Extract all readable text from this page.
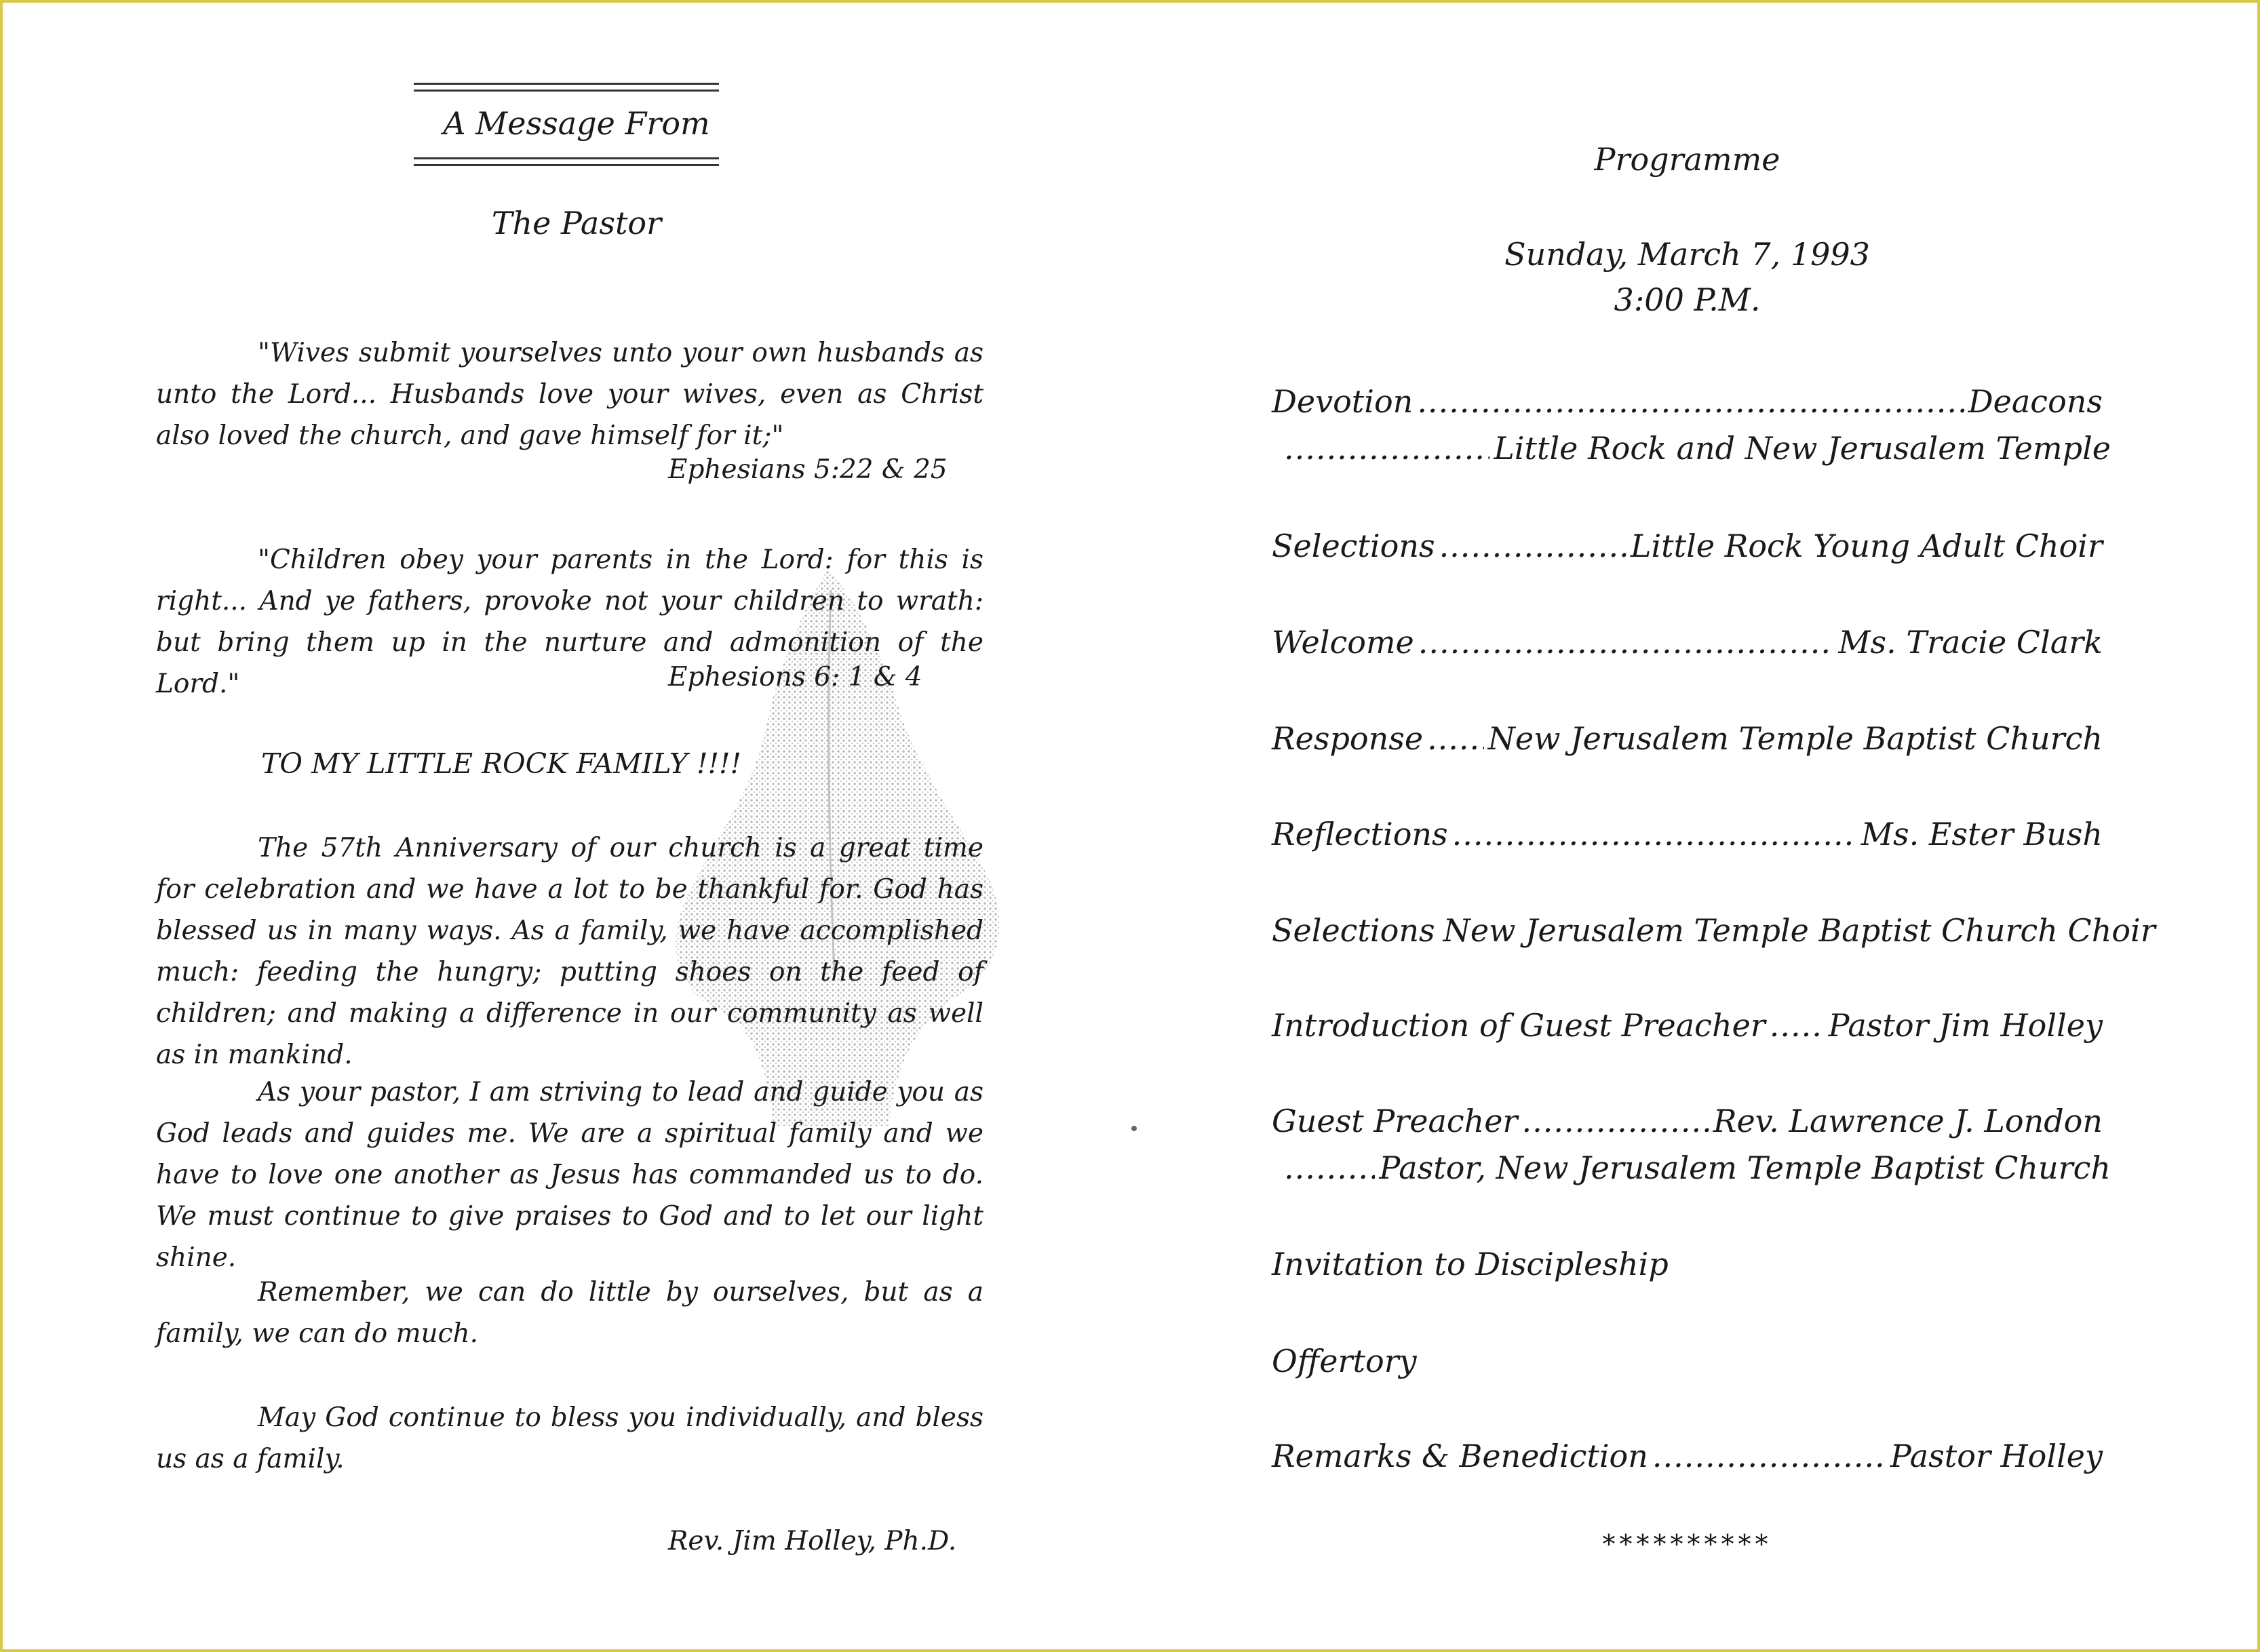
A Message From
The Pastor
"Wives submit yourselves unto your own husbands as unto the Lord... Husbands love your wives, even as Christ also loved the church, and gave himself for it;"
Ephesians 5:22 & 25
"Children obey your parents in the Lord: for this is right... And ye fathers, provoke not your children to wrath: but bring them up in the nurture and admonition of the Lord."	Ephesions 6: 1 & 4
TO MY LITTLE ROCK FAMILY !!!!
The 57th Anniversary of our church is a great time for celebration and we have a lot to be thankful for. God has blessed us in many ways. As a family, we have accomplished much: feeding the hungry; putting shoes on the feed of children; and making a difference in our community as well as in mankind.
As your pastor, I am striving to lead and guide you as God leads and guides me. We are a spiritual family and we have to love one another as Jesus has commanded us to do. We must continue to give praises to God and to let our light shine.
Remember, we can do little by ourselves, but as a family, we can do much.
May God continue to bless you individually, and bless us as a family.
Rev. Jim Holley, Ph.D.
Programme
Sunday, March 7, 1993
3:00 P.M.
Devotion .....	Deacons
.....
Little Rock and New Jerusalem Temple
Selections .....	Little Rock Young Adult Choir
Welcome .....	Ms. Tracie Clark
Response ..... New Jerusalem Temple Baptist Church
Reflections .....	Ms. Ester Bush
Selections New Jerusalem Temple Baptist Church Choir
Introduction of Guest Preacher ..... Pastor Jim Holley
Guest Preacher .....	Rev. Lawrence J. London
.....
Pastor, New Jerusalem Temple Baptist Church
Invitation to Discipleship
Offertory
Remarks & Benediction .....	Pastor Holley
**********
